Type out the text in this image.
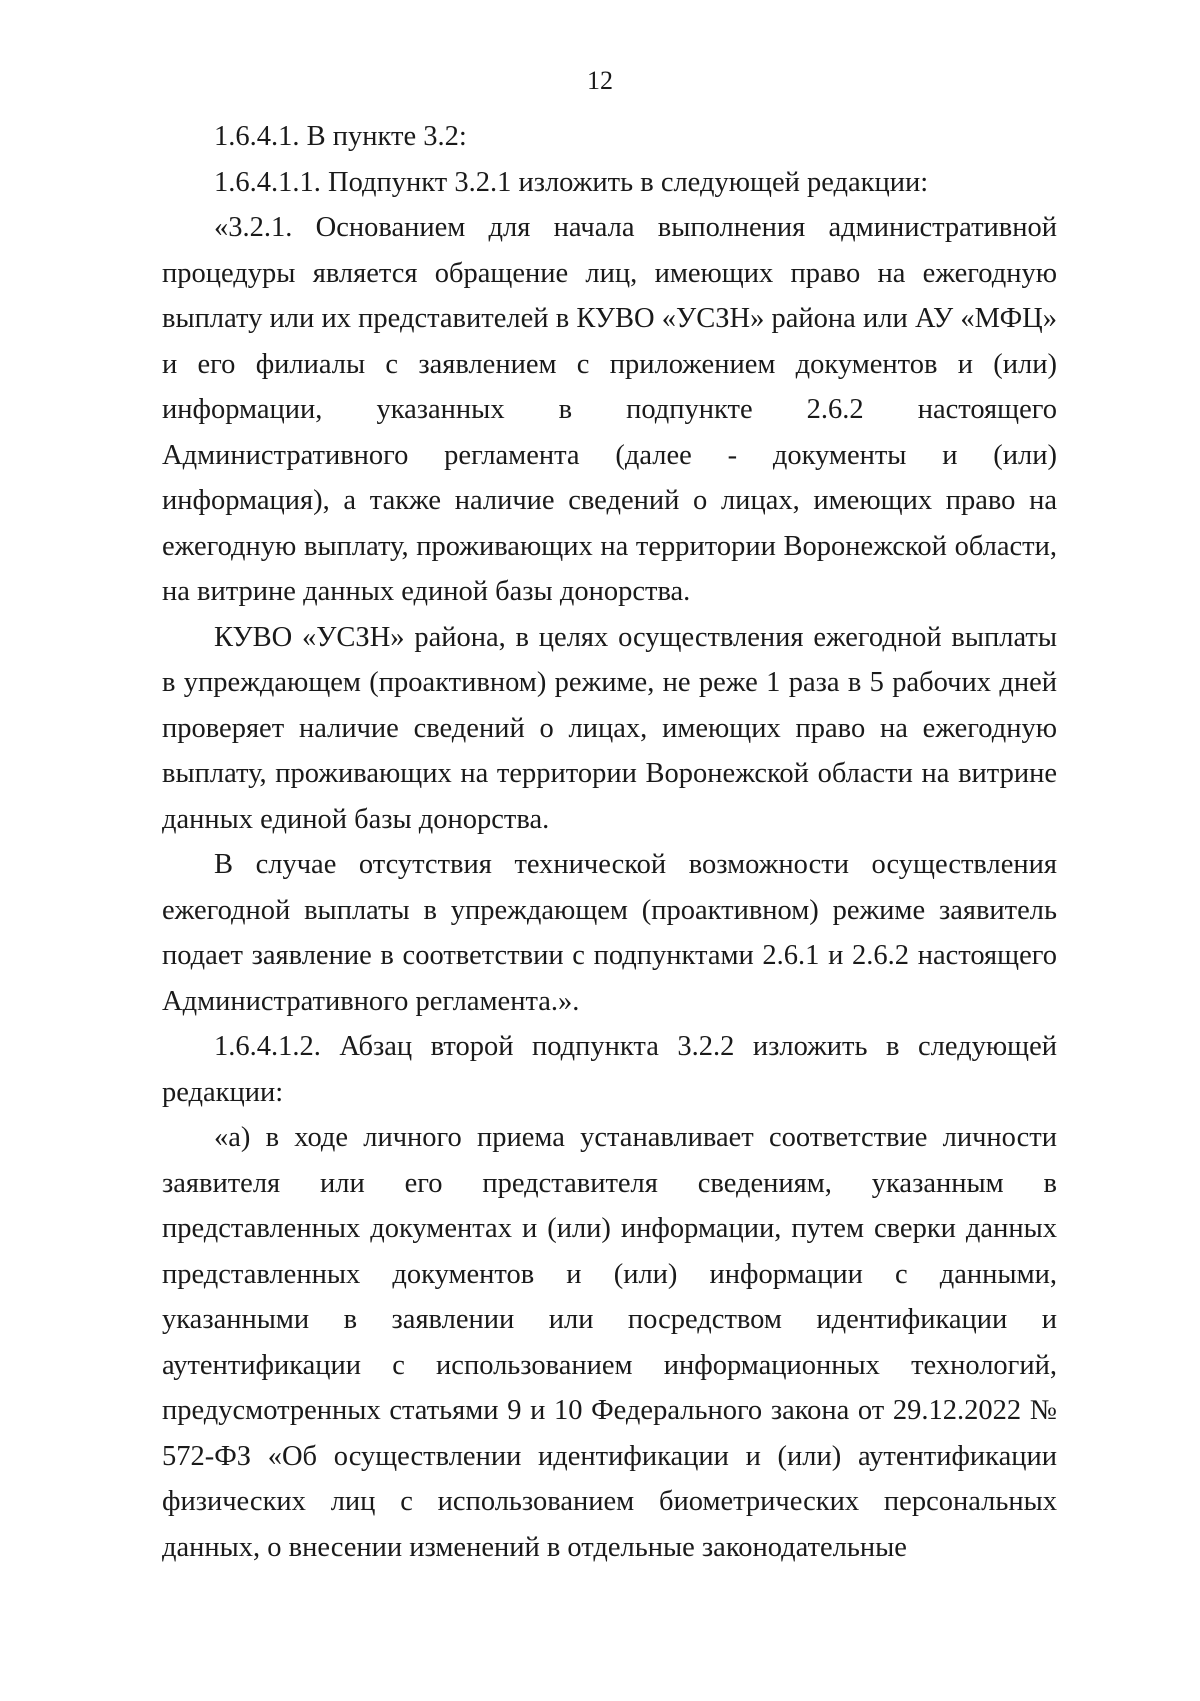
12

1.6.4.1. В пункте 3.2:

1.6.4.1.1. Подпункт 3.2.1 изложить в следующей редакции:

«3.2.1. Основанием для начала выполнения административной процедуры является обращение лиц, имеющих право на ежегодную выплату или их представителей в КУВО «УСЗН» района или АУ «МФЦ» и его филиалы с заявлением с приложением документов и (или) информации, указанных в подпункте 2.6.2 настоящего Административного регламента (далее - документы и (или) информация), а также наличие сведений о лицах, имеющих право на ежегодную выплату, проживающих на территории Воронежской области, на витрине данных единой базы донорства.

КУВО «УСЗН» района, в целях осуществления ежегодной выплаты в упреждающем (проактивном) режиме, не реже 1 раза в 5 рабочих дней проверяет наличие сведений о лицах, имеющих право на ежегодную выплату, проживающих на территории Воронежской области на витрине данных единой базы донорства.

В случае отсутствия технической возможности осуществления ежегодной выплаты в упреждающем (проактивном) режиме заявитель подает заявление в соответствии с подпунктами 2.6.1 и 2.6.2 настоящего Административного регламента.».

1.6.4.1.2. Абзац второй подпункта 3.2.2 изложить в следующей редакции:

«а) в ходе личного приема устанавливает соответствие личности заявителя или его представителя сведениям, указанным в представленных документах и (или) информации, путем сверки данных представленных документов и (или) информации с данными, указанными в заявлении или посредством идентификации и аутентификации с использованием информационных технологий, предусмотренных статьями 9 и 10 Федерального закона от 29.12.2022 № 572-ФЗ «Об осуществлении идентификации и (или) аутентификации физических лиц с использованием биометрических персональных данных, о внесении изменений в отдельные законодательные
